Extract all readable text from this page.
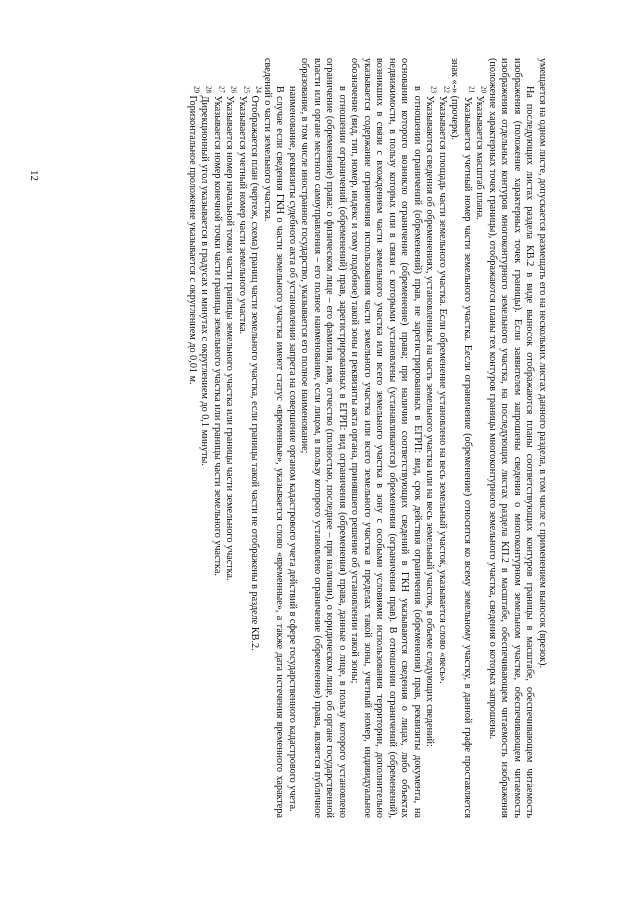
12	умещается на одном листе, допускается размещать его на нескольких листах данного раздела, в том числе с применением выносок (врезок).

На последующих листах раздела КВ.2 в виде выносок отображаются планы соответствующих контуров границы в масштабе, обеспечивающем читаемость изображения (положение характерных точек границы). Если заявителем запрошены сведения о многоконтурном земельном участке, обеспечивающем читаемость изображения отдельных контуров многоконтурного земельного участка, на последующих листах раздела КП.2 в масштабе, обеспечивающем читаемость изображения (положение характерных точек границы), отображаются планы тех контуров границы многоконтурного земельного участка, сведения о которых запрошены.

$^{20}$ Указывается масштаб плана.

$^{21}$ Указывается учетный номер части земельного участка. Еесли ограничение (обременение) относится ко всему земельному участку, в данной графе проставляется знак «-» (прочерк).

$^{22}$ Указывается площадь части земельного участка. Если обременение установлено на весь земельный участок, указывается слово «весь».

$^{23}$ Указываются сведения об обременениях, установленных на часть земельного участка или на весь земельный участок, в объеме следующих сведений:

в отношении ограничений (обременений) прав, не зарегистрированных в ЕГРП: вид, срок действия ограничения (обременения) прав, реквизиты документа, на основании которого возникло ограничение (обременение) права; при наличии соответствующих сведений в ГКН указываются сведения о лицах, либо объектах недвижимости, в пользу которых или в связи с которыми установлены (устанавливаются) обременения (ограничения прав). В отношении ограничений (обременений), возникших в связи с вхождением части земельного участка или всего земельного участка в зону с особыми условиями использования территории, дополнительно указывается содержание ограничения использования части земельного участка или всего земельного участка в пределах такой зоны, учетный номер, индивидуальное обозначение (вид, тип, номер, индекс и тому подобное) такой зоны и реквизиты акта органа, принявшего решение об установлении такой зоны;

в отношении ограничений (обременений) прав, зарегистрированных в ЕГРП: вид ограничения (обременения) права, данные о лице, в пользу которого установлено ограничение (обременение) права: о физическом лице – его фамилия, имя, отчество (полностью, последнее – при наличии), о юридическом лице, об органе государственной власти или органе местного самоуправления – его полное наименование, если лицом, в пользу которого установлено ограничение (обременение) права, является публичное образование, в том числе иностранное государство, указывается его полное наименование;

наименование, реквизиты судебного акта об установлении запрета на совершение органом кадастрового учета действий в сфере государственного кадастрового учета.

В случае если сведения ГКН о части земельного участка имеют статус «временные», указывается слово «временные», а также дата истечения временного характера сведений о части земельного участка.

$^{24}$ Отображается план (чертеж, схема) границ части земельного участка, если границы такой части не отображены в разделе КВ.2.

$^{25}$ Указывается учетный номер части земельного участка.

$^{26}$ Указывается номер начальной точки части границы земельного участка или границы части земельного участка.

$^{27}$ Указывается номер конечной точки части границы земельного участка или границы части земельного участка.

$^{28}$ Дирекционный угол указывается в градусах и минутах с округлением до 0,1 минуты.

$^{29}$ Горизонтальное проложение указывается с округлением до 0,01 м.
